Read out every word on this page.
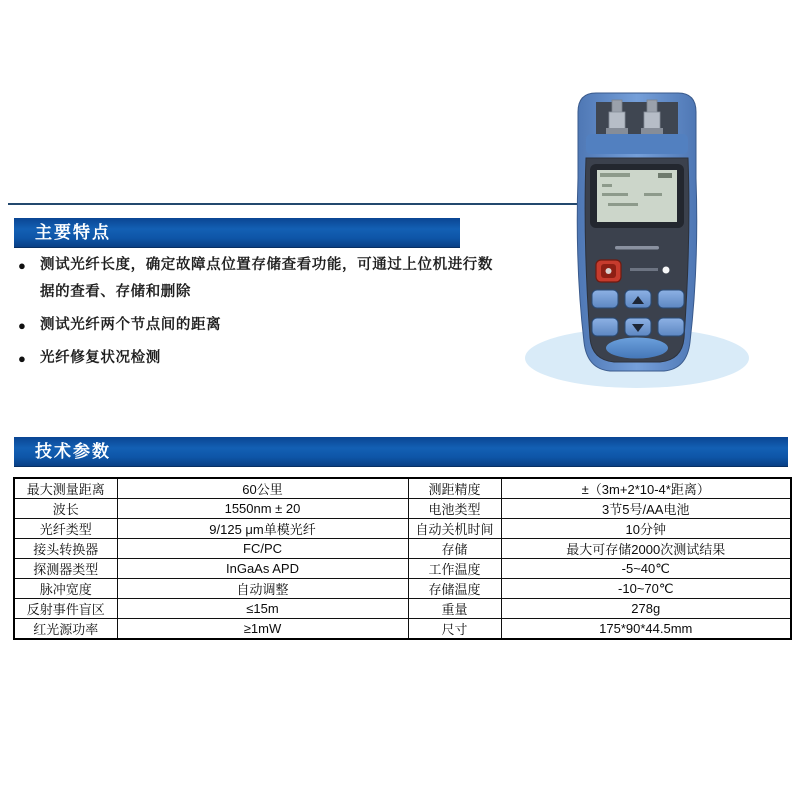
主要特点
● 测试光纤长度，确定故障点位置存储查看功能，可通过上位机进行数据的查看、存储和删除
● 测试光纤两个节点间的距离
● 光纤修复状况检测
技术参数
最大测量距离	60公里	测距精度	±（3m+2*10-4*距离）
波长	1550nm ± 20	电池类型	3节5号/AA电池
光纤类型	9/125 μm单模光纤	自动关机时间	10分钟
接头转换器	FC/PC	存储	最大可存储2000次测试结果
探测器类型	InGaAs APD	工作温度	-5~40℃
脉冲宽度	自动调整	存储温度	-10~70℃
反射事件盲区	≤15m	重量	278g
红光源功率	≥1mW	尺寸	175*90*44.5mm
